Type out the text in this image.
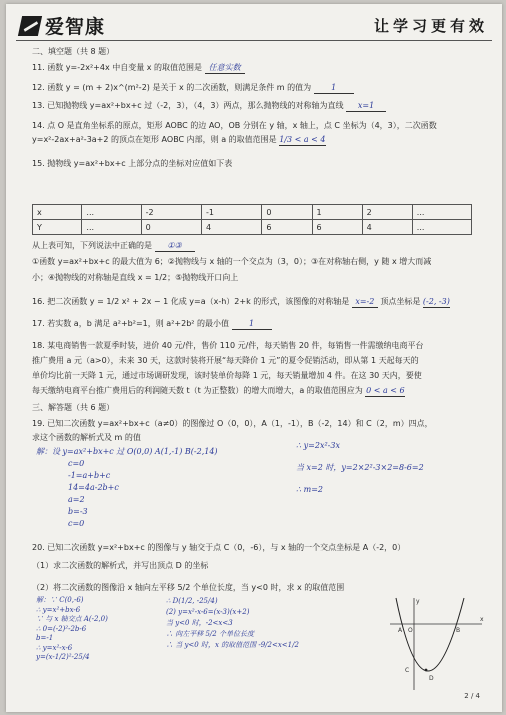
爱智康	让学习更有效
二、填空题（共 8 题）
11. 函数 y=-2x²+4x 中自变量 x 的取值范围是 任意实数
12. 函数 y = (m + 2)x^(m²-2) 是关于 x 的二次函数，则满足条件 m 的值为	1
13. 已知抛物线 y=ax²+bx+c 过（-2，3），（4，3）两点，那么抛物线的对称轴为直线 x=1
14. 点 O 是直角坐标系的原点，矩形 AOBC 的边 AO，OB 分别在 y 轴，x 轴上，点 C 坐标为（4，3），二次函数
y=x²-2ax+a²-3a+2 的顶点在矩形 AOBC 内部，则 a 的取值范围是 1/3 < a < 4
15. 抛物线 y=ax²+bx+c 上部分点的坐标对应值如下表
x	...	-2	-1	0	1	2	...
Y	...	0	4	6	6	4	...
从上表可知，下列说法中正确的是 ①③
①函数 y=ax²+bx+c 的最大值为 6；②抛物线与 x 轴的一个交点为（3，0）；③在对称轴右侧，y 随 x 增大而减
小；④抛物线的对称轴是直线 x = 1/2；⑤抛物线开口向上
16. 把二次函数 y = 1/2 x² + 2x − 1 化成 y=a（x-h）2+k 的形式，该图像的对称轴是 x=-2 顶点坐标是 (-2, -3)
17. 若实数 a，b 满足 a²+b²=1，则 a²+2b² 的最小值	1
18. 某电商销售一款夏季时装，进价 40 元/件，售价 110 元/件，每天销售 20 件，每销售一件需缴纳电商平台
推广费用 a 元（a>0），未来 30 天，这款时装将开展“每天降价 1 元”的夏令促销活动，即从第 1 天起每天的
单价均比前一天降 1 元，通过市场调研发现，该时装单价每降 1 元，每天销量增加 4 件。在这 30 天内，要使
每天缴纳电商平台推广费用后的利润随天数 t（t 为正整数）的增大而增大，a 的取值范围应为 0 < a < 6
三、解答题（共 6 题）
19. 已知二次函数 y=ax²+bx+c（a≠0）的图像过 O（0，0），A（1，-1），B（-2，14）和 C（2，m）四点，
求这个函数的解析式及 m 的值
解：设 y=ax²+bx+c 过 O(0,0) A(1,-1) B(-2,14)
c=0
-1=a+b+c
14=4a-2b+c
a=2
b=-3
c=0
∴ y=2x²-3x
当 x=2 时，y=2×2²-3×2=8-6=2
∴ m=2
20. 已知二次函数 y=x²+bx+c 的图像与 y 轴交于点 C（0，-6），与 x 轴的一个交点坐标是 A（-2，0）
（1）求二次函数的解析式，并写出顶点 D 的坐标
（2）将二次函数的图像沿 x 轴向左平移 5/2 个单位长度，当 y<0 时，求 x 的取值范围
解：∵ C(0,-6)
∴ y=x²+bx-6
∵ 与 x 轴交点 A(-2,0)
∴ 0=(-2)²-2b-6
b=-1
∴ y=x²-x-6
y=(x-1/2)²-25/4
∴ D(1/2, -25/4)
(2) y=x²-x-6=(x-3)(x+2)
当 y<0 时，-2<x<3
∴ 向左平移 5/2 个单位长度
∴ 当 y<0 时，x 的取值范围 -9/2<x<1/2
x
y
A O	B
C
D
2 / 4
